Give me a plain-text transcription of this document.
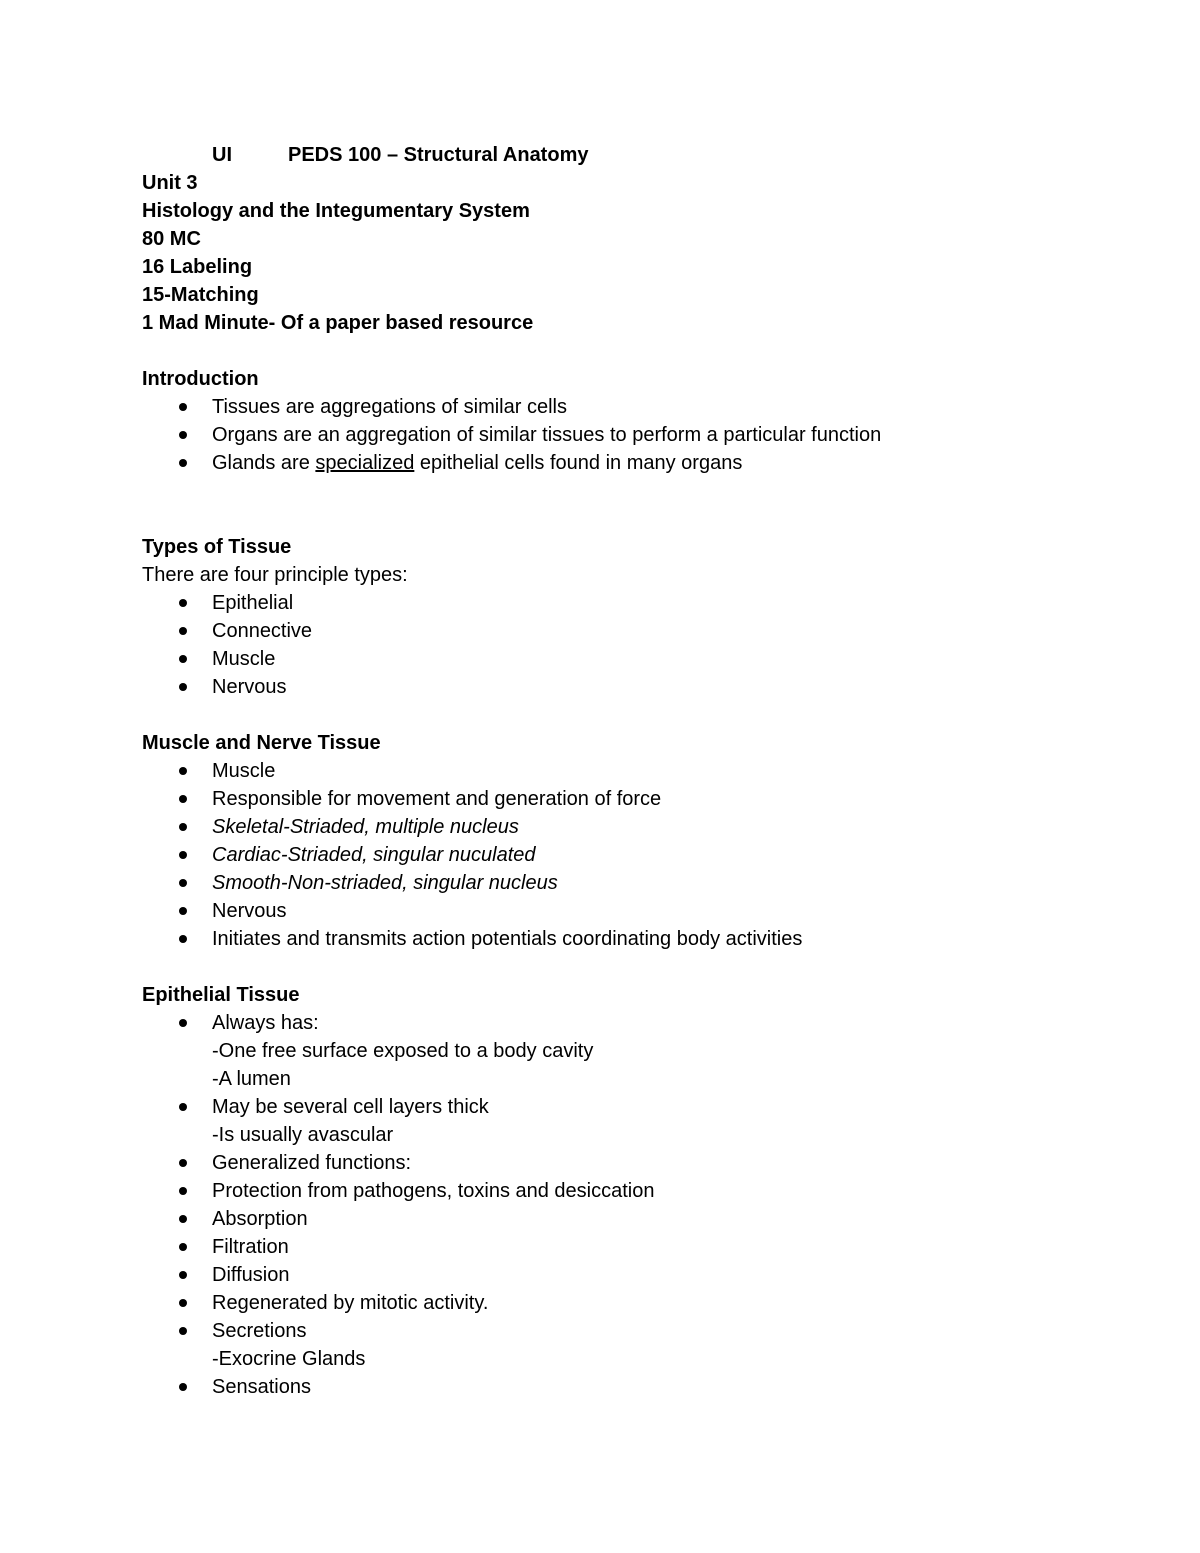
UI	PEDS 100 – Structural Anatomy
Unit 3
Histology and the Integumentary System
80 MC
16 Labeling
15-Matching
1 Mad Minute- Of a paper based resource
Introduction
Tissues are aggregations of similar cells
Organs are an aggregation of similar tissues to perform a particular function
Glands are specialized epithelial cells found in many organs
Types of Tissue
There are four principle types:
Epithelial
Connective
Muscle
Nervous
Muscle and Nerve Tissue
Muscle
Responsible for movement and generation of force
Skeletal-Striaded, multiple nucleus
Cardiac-Striaded, singular nuculated
Smooth-Non-striaded, singular nucleus
Nervous
Initiates and transmits action potentials coordinating body activities
Epithelial Tissue
Always has:
-One free surface exposed to a body cavity
-A lumen
May be several cell layers thick
-Is usually avascular
Generalized functions:
Protection from pathogens, toxins and desiccation
Absorption
Filtration
Diffusion
Regenerated by mitotic activity.
Secretions
-Exocrine Glands
Sensations
